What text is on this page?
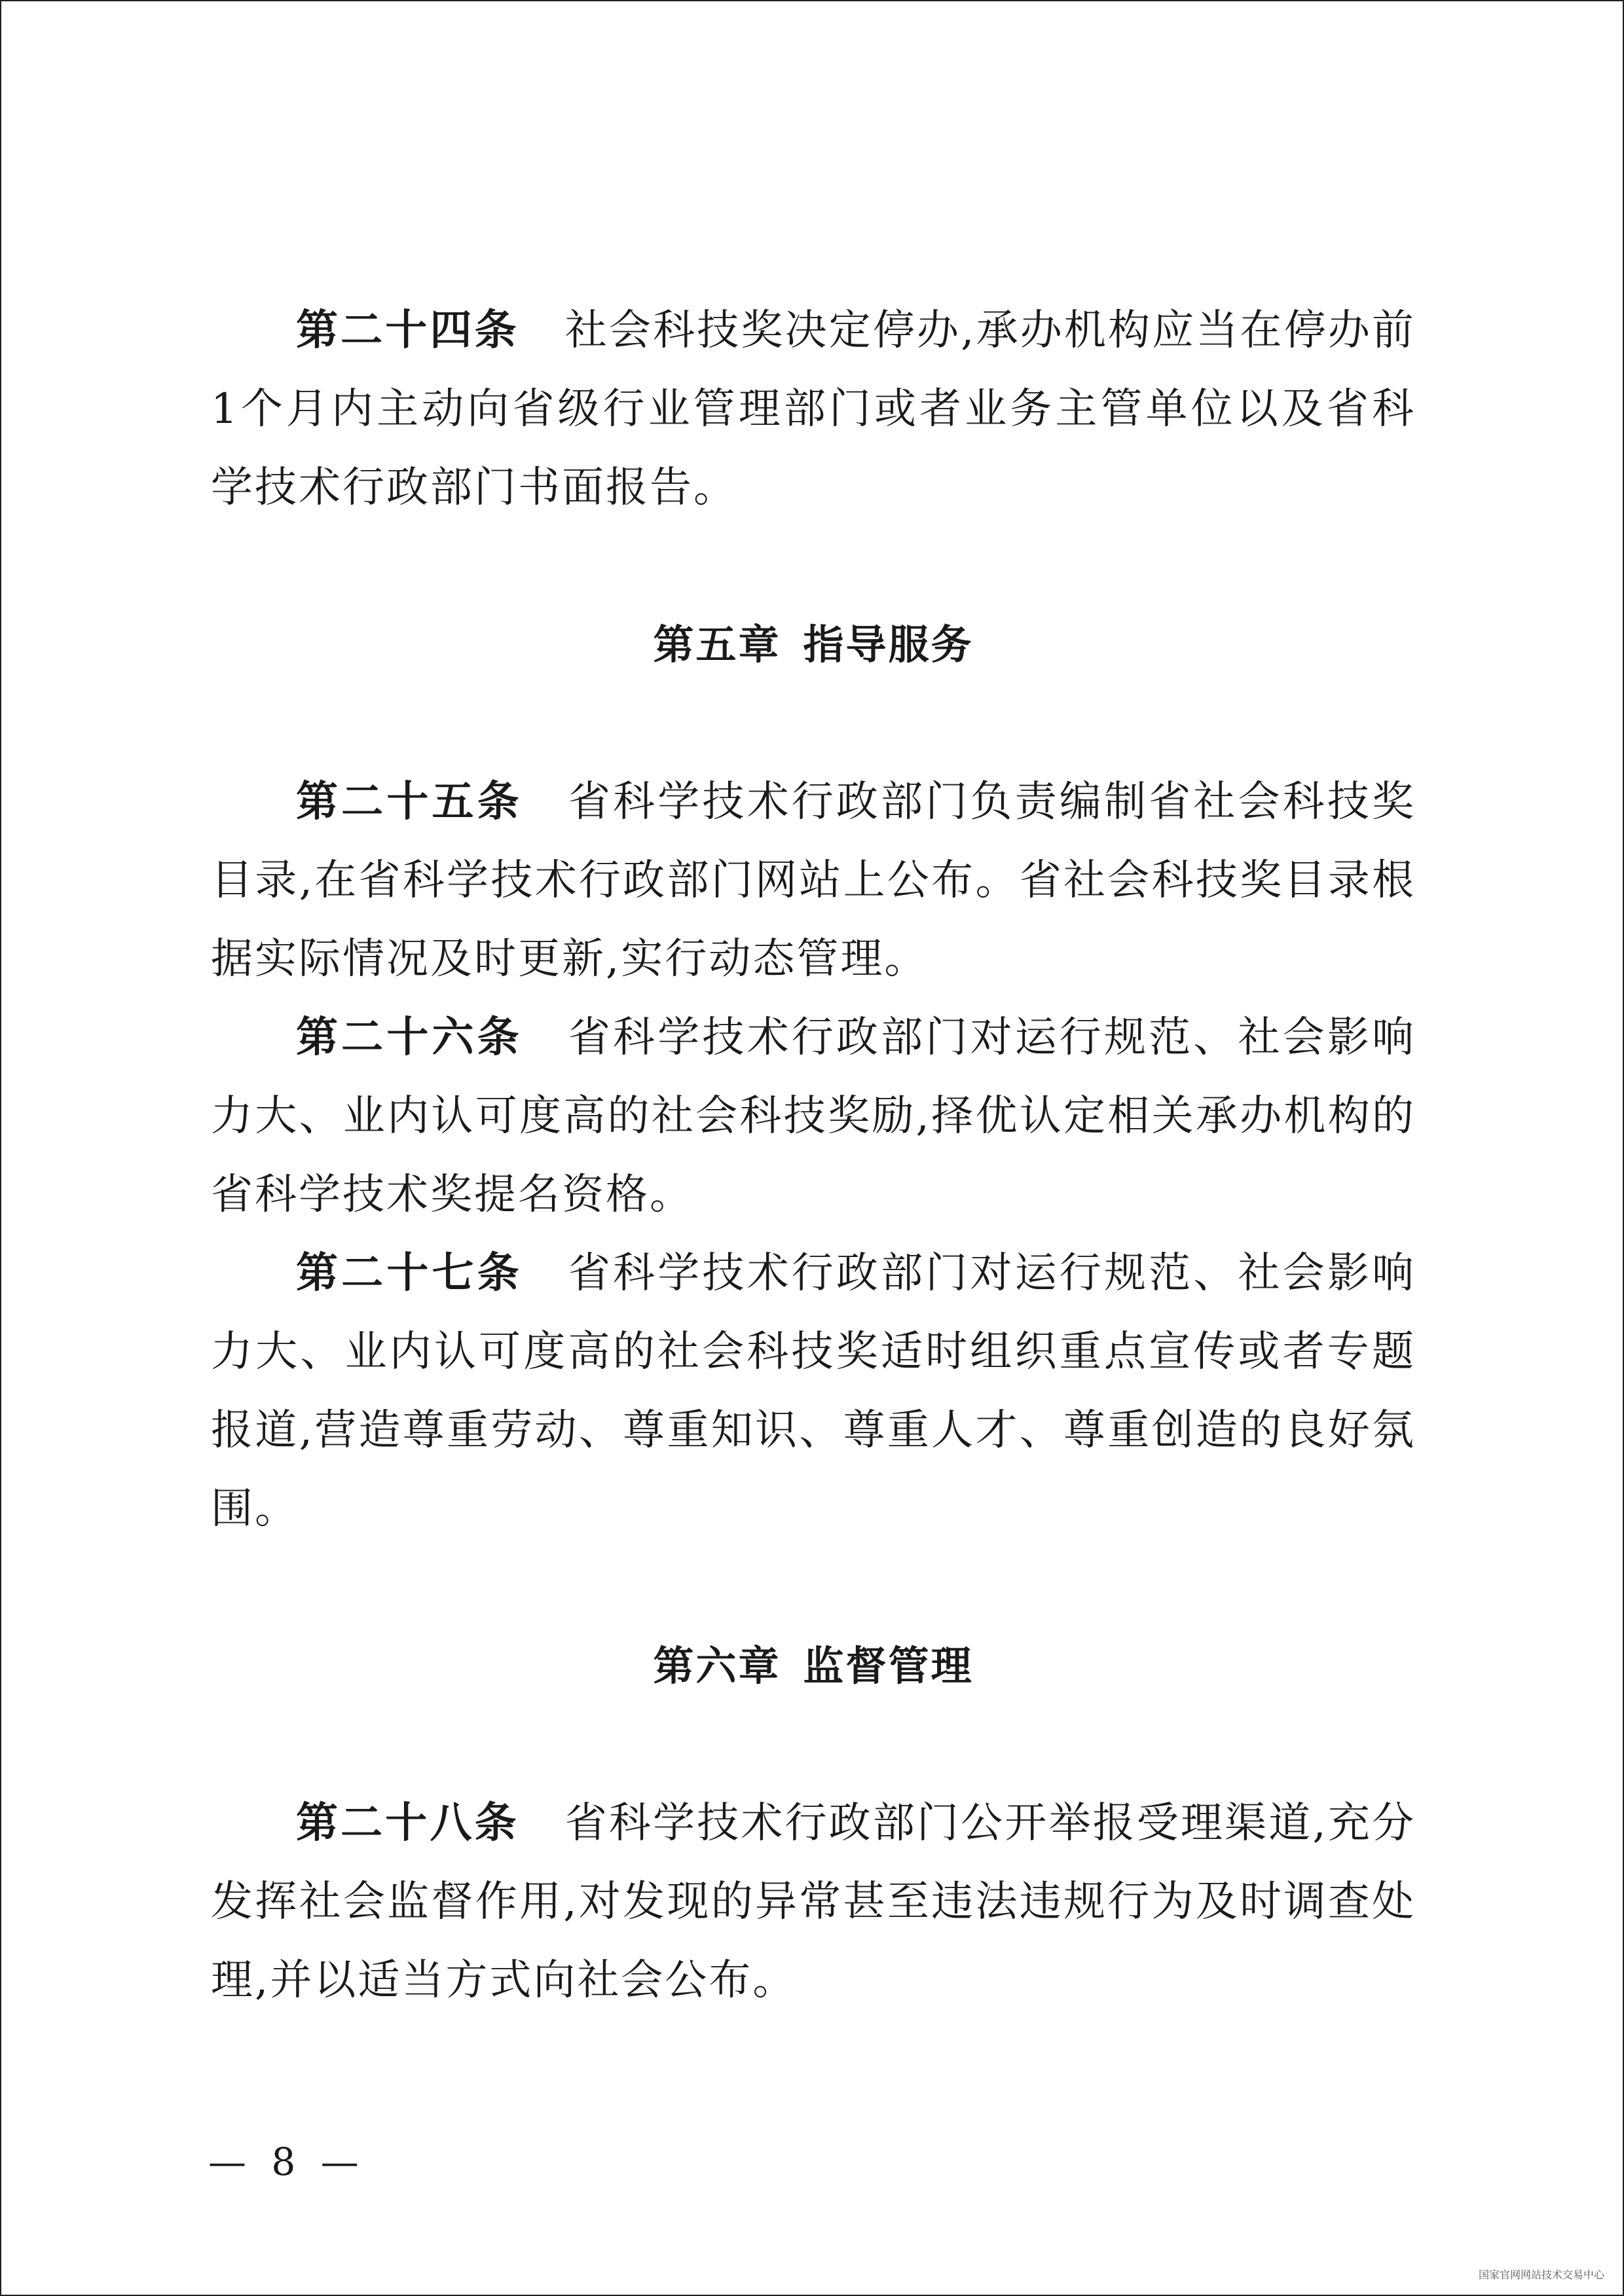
第二十四条 社会科技奖决定停办,承办机构应当在停办前1个月内主动向省级行业管理部门或者业务主管单位以及省科学技术行政部门书面报告。

第五章 指导服务

第二十五条 省科学技术行政部门负责编制省社会科技奖目录,在省科学技术行政部门网站上公布。省社会科技奖目录根据实际情况及时更新,实行动态管理。

第二十六条 省科学技术行政部门对运行规范、社会影响力大、业内认可度高的社会科技奖励,择优认定相关承办机构的省科学技术奖提名资格。

第二十七条 省科学技术行政部门对运行规范、社会影响力大、业内认可度高的社会科技奖适时组织重点宣传或者专题报道,营造尊重劳动、尊重知识、尊重人才、尊重创造的良好氛围。

第六章 监督管理

第二十八条 省科学技术行政部门公开举报受理渠道,充分发挥社会监督作用,对发现的异常甚至违法违规行为及时调查处理,并以适当方式向社会公布。

— 8 —
国家官网网站技术交易中心
